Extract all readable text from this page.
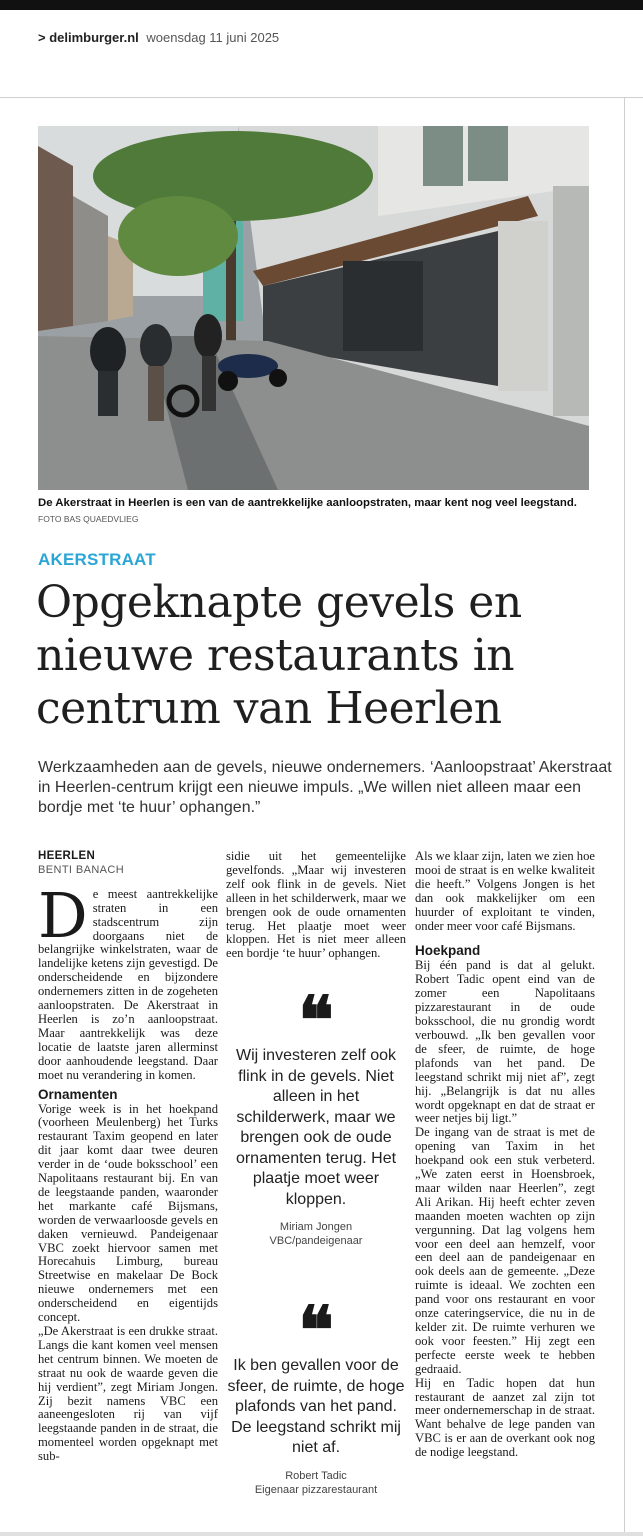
> delimburger.nl woensdag 11 juni 2025
De Akerstraat in Heerlen is een van de aantrekkelijke aanloopstraten, maar kent nog veel leegstand.
FOTO BAS QUAEDVLIEG
AKERSTRAAT
Opgeknapte gevels en nieuwe restaurants in centrum van Heerlen
Werkzaamheden aan de gevels, nieuwe ondernemers. ‘Aanloopstraat’ Akerstraat in Heerlen-centrum krijgt een nieuwe impuls. „We willen niet alleen maar een bordje met ‘te huur’ ophangen.”
HEERLEN
BENTI BANACH
D e meest aantrekkelijke straten in een stadscentrum zijn doorgaans niet de belangrijke winkelstraten, waar de landelijke ketens zijn gevestigd. De onderscheidende en bijzondere ondernemers zitten in de zogeheten aanloopstraten. De Akerstraat in Heerlen is zo’n aanloopstraat. Maar aantrekkelijk was deze locatie de laatste jaren allerminst door aanhoudende leegstand. Daar moet nu verandering in komen.

Ornamenten

Vorige week is in het hoekpand (voorheen Meulenberg) het Turks restaurant Taxim geopend en later dit jaar komt daar twee deuren verder in de ‘oude boksschool’ een Napolitaans restaurant bij. En van de leegstaande panden, waaronder het markante café Bijsmans, worden de verwaarloosde gevels en daken vernieuwd. Pandeigenaar VBC zoekt hiervoor samen met Horecahuis Limburg, bureau Streetwise en makelaar De Bock nieuwe ondernemers met een onderscheidend en eigentijds concept.

„De Akerstraat is een drukke straat. Langs die kant komen veel mensen het centrum binnen. We moeten de straat nu ook de waarde geven die hij verdient”, zegt Miriam Jongen. Zij bezit namens VBC een aaneengesloten rij van vijf leegstaande panden in de straat, die momenteel worden opgeknapt met sub-

sidie uit het gemeentelijke gevelfonds. „Maar wij investeren zelf ook flink in de gevels. Niet alleen in het schilderwerk, maar we brengen ook de oude ornamenten terug. Het plaatje moet weer kloppen. Het is niet meer alleen een bordje ‘te huur’ ophangen.

❝
Wij investeren zelf ook flink in de gevels. Niet alleen in het schilderwerk, maar we brengen ook de oude ornamenten terug. Het plaatje moet weer kloppen.
Miriam Jongen
VBC/pandeigenaar
❝
Ik ben gevallen voor de sfeer, de ruimte, de hoge plafonds van het pand. De leegstand schrikt mij niet af.
Robert Tadic
Eigenaar pizzarestaurant

Als we klaar zijn, laten we zien hoe mooi de straat is en welke kwaliteit die heeft.” Volgens Jongen is het dan ook makkelijker om een huurder of exploitant te vinden, onder meer voor café Bijsmans.

Hoekpand

Bij één pand is dat al gelukt. Robert Tadic opent eind van de zomer een Napolitaans pizzarestaurant in de oude boksschool, die nu grondig wordt verbouwd. „Ik ben gevallen voor de sfeer, de ruimte, de hoge plafonds van het pand. De leegstand schrikt mij niet af”, zegt hij. „Belangrijk is dat nu alles wordt opgeknapt en dat de straat er weer netjes bij ligt.”

De ingang van de straat is met de opening van Taxim in het hoekpand ook een stuk verbeterd. „We zaten eerst in Hoensbroek, maar wilden naar Heerlen”, zegt Ali Arikan. Hij heeft echter zeven maanden moeten wachten op zijn vergunning. Dat lag volgens hem voor een deel aan hemzelf, voor een deel aan de pandeigenaar en ook deels aan de gemeente. „Deze ruimte is ideaal. We zochten een pand voor ons restaurant en voor onze cateringservice, die nu in de kelder zit. De ruimte verhuren we ook voor feesten.” Hij zegt een perfecte eerste week te hebben gedraaid.

Hij en Tadic hopen dat hun restaurant de aanzet zal zijn tot meer ondernemerschap in de straat. Want behalve de lege panden van VBC is er aan de overkant ook nog de nodige leegstand.
